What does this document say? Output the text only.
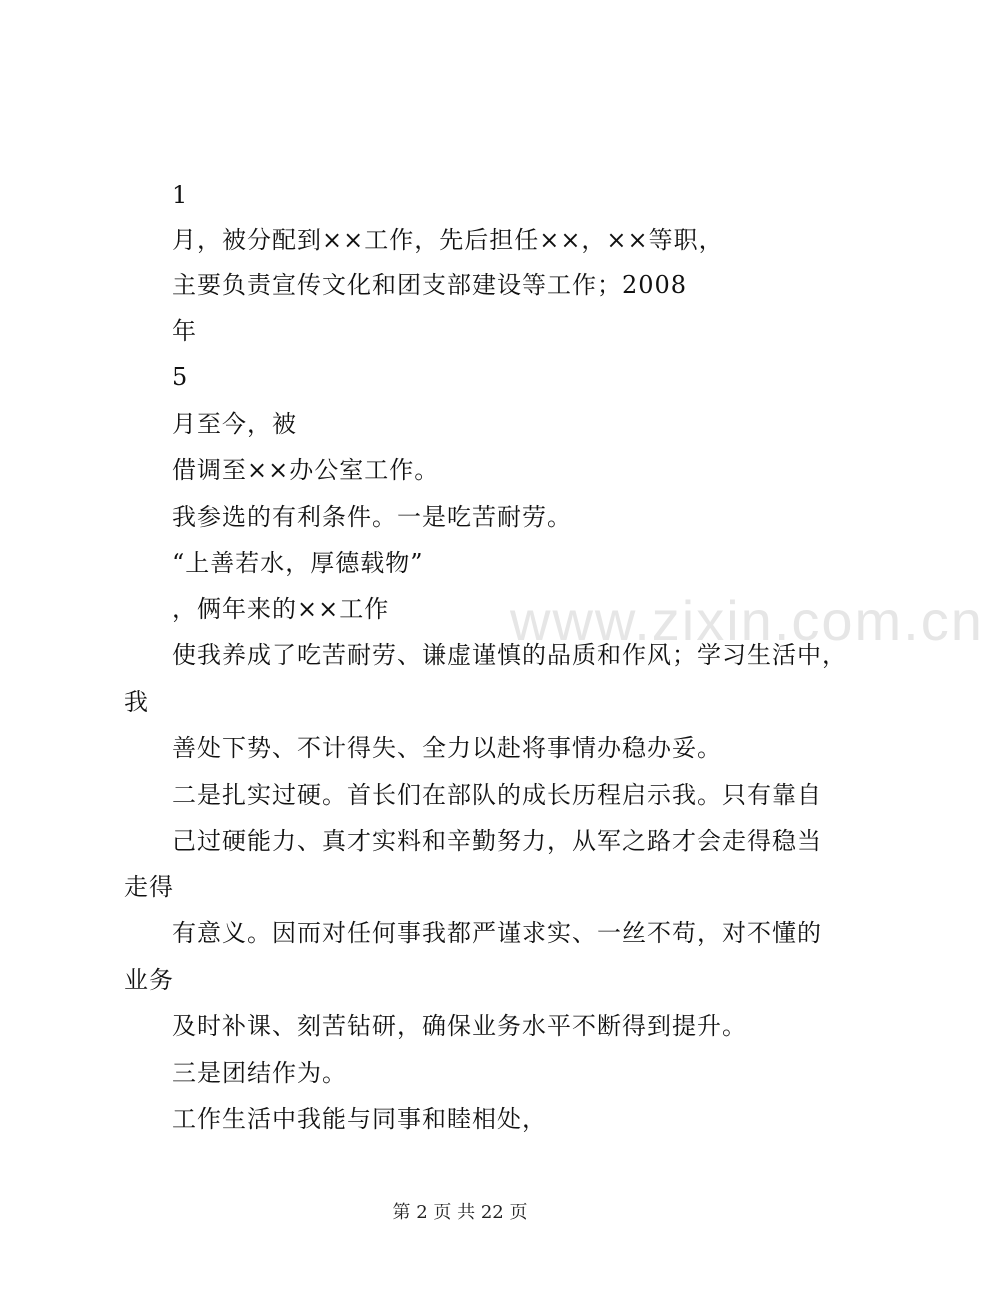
www.zixin.com.cn
1
月，被分配到××工作，先后担任××，××等职，
主要负责宣传文化和团支部建设等工作；2008
年
5
月至今，被
借调至××办公室工作。
我参选的有利条件。一是吃苦耐劳。
“上善若水，厚德载物”
，俩年来的××工作
使我养成了吃苦耐劳、谦虚谨慎的品质和作风；学习生活中，
我
善处下势、不计得失、全力以赴将事情办稳办妥。
二是扎实过硬。首长们在部队的成长历程启示我。只有靠自
己过硬能力、真才实料和辛勤努力，从军之路才会走得稳当
走得
有意义。因而对任何事我都严谨求实、一丝不苟，对不懂的
业务
及时补课、刻苦钻研，确保业务水平不断得到提升。
三是团结作为。
工作生活中我能与同事和睦相处，
第 2 页 共 22 页
